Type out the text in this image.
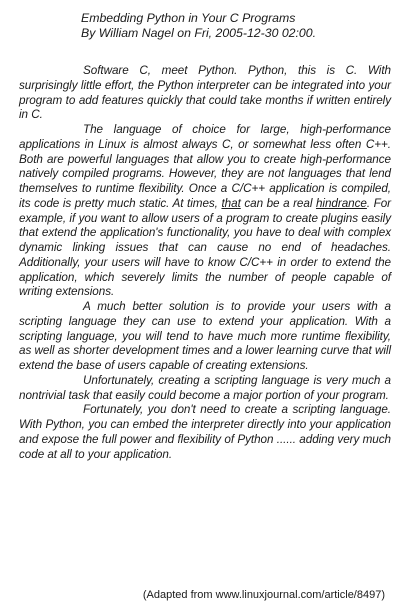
Embedding Python in Your C Programs
By William Nagel on Fri, 2005-12-30 02:00.

Software C, meet Python. Python, this is C. With surprisingly little effort, the Python interpreter can be integrated into your program to add features quickly that could take months if written entirely in C.

The language of choice for large, high-performance applications in Linux is almost always C, or somewhat less often C++. Both are powerful languages that allow you to create high-performance natively compiled programs. However, they are not languages that lend themselves to runtime flexibility. Once a C/C++ application is compiled, its code is pretty much static. At times, that can be a real hindrance. For example, if you want to allow users of a program to create plugins easily that extend the application's functionality, you have to deal with complex dynamic linking issues that can cause no end of headaches. Additionally, your users will have to know C/C++ in order to extend the application, which severely limits the number of people capable of writing extensions.

A much better solution is to provide your users with a scripting language they can use to extend your application. With a scripting language, you will tend to have much more runtime flexibility, as well as shorter development times and a lower learning curve that will extend the base of users capable of creating extensions.

Unfortunately, creating a scripting language is very much a nontrivial task that easily could become a major portion of your program.

Fortunately, you don't need to create a scripting language. With Python, you can embed the interpreter directly into your application and expose the full power and flexibility of Python ...... adding very much code at all to your application.

(Adapted from www.linuxjournal.com/article/8497)
